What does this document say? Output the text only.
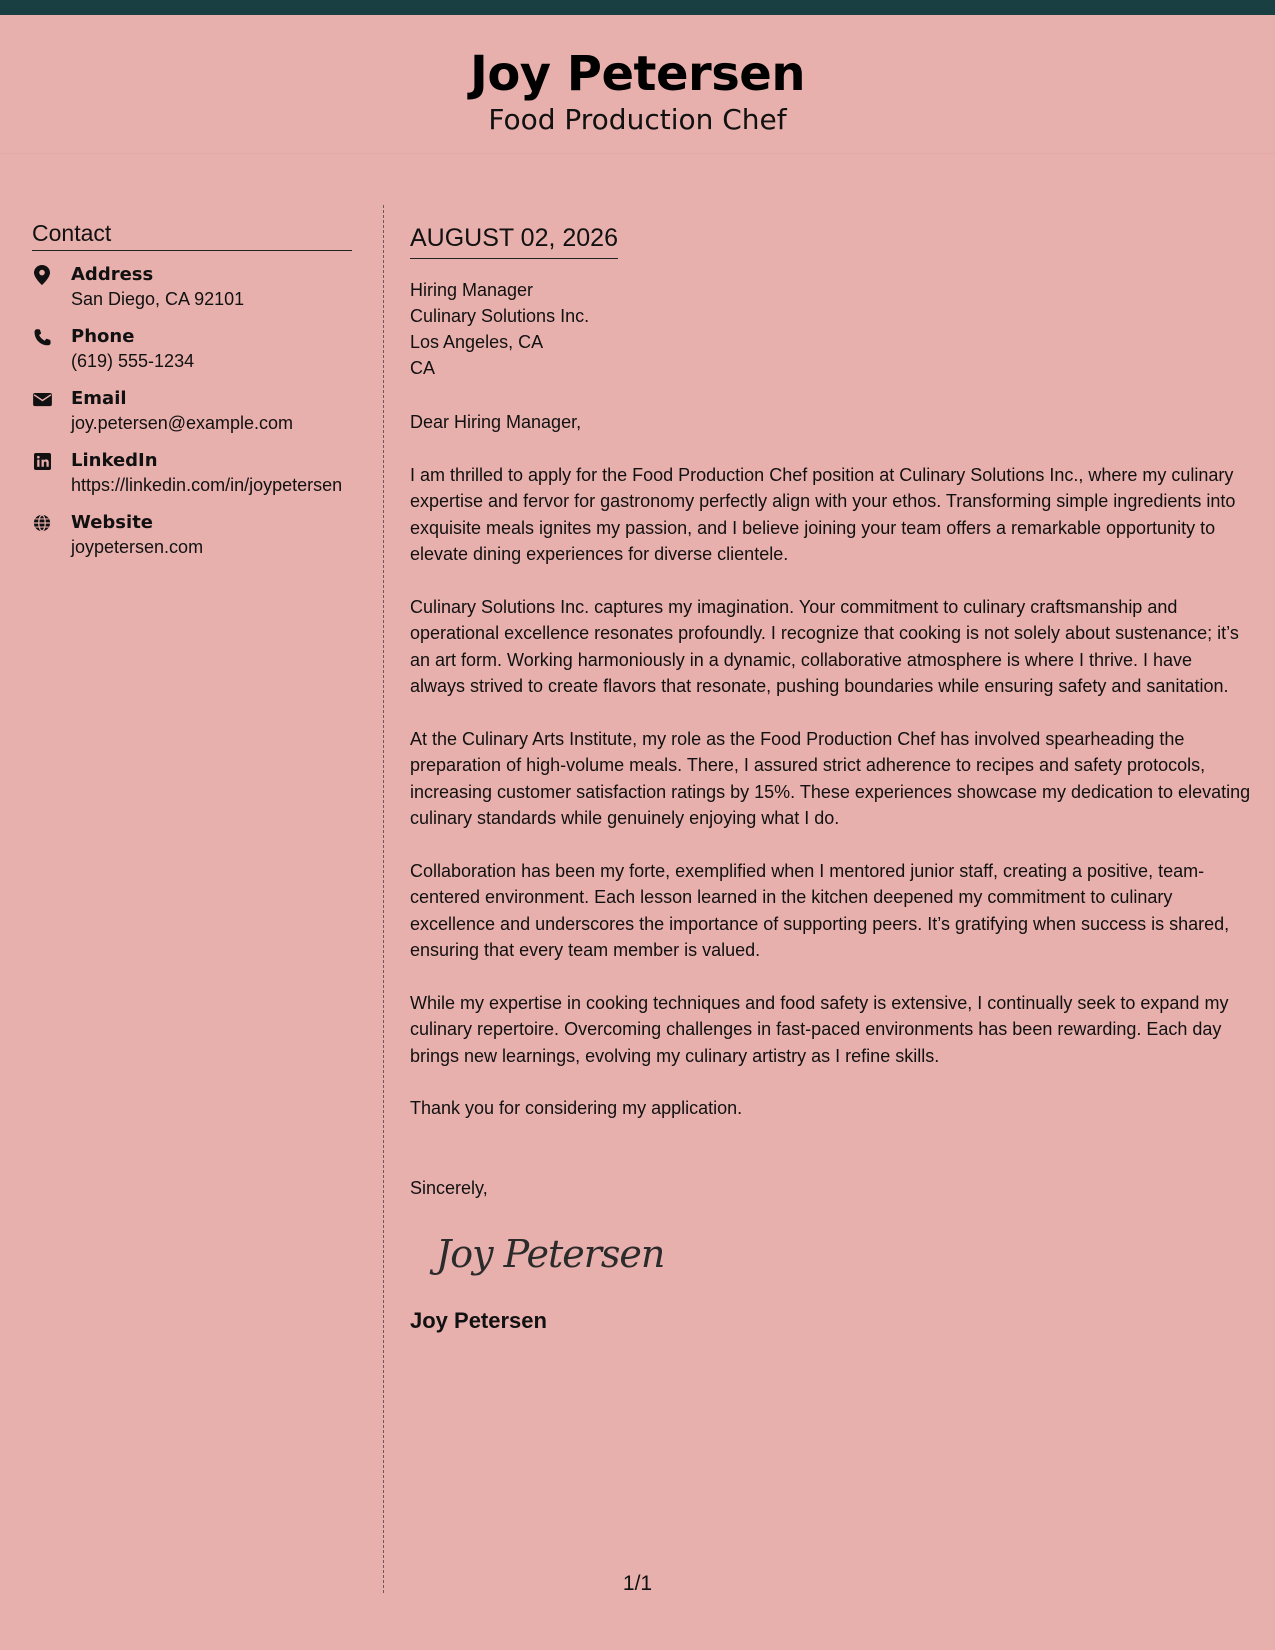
Joy Petersen
Food Production Chef
Contact
Address
San Diego, CA 92101
Phone
(619) 555-1234
Email
joy.petersen@example.com
LinkedIn
https://linkedin.com/in/joypetersen
Website
joypetersen.com
AUGUST 02, 2026
Hiring Manager
Culinary Solutions Inc.
Los Angeles, CA
CA
Dear Hiring Manager,
I am thrilled to apply for the Food Production Chef position at Culinary Solutions Inc., where my culinary expertise and fervor for gastronomy perfectly align with your ethos. Transforming simple ingredients into exquisite meals ignites my passion, and I believe joining your team offers a remarkable opportunity to elevate dining experiences for diverse clientele.
Culinary Solutions Inc. captures my imagination. Your commitment to culinary craftsmanship and operational excellence resonates profoundly. I recognize that cooking is not solely about sustenance; it’s an art form. Working harmoniously in a dynamic, collaborative atmosphere is where I thrive. I have always strived to create flavors that resonate, pushing boundaries while ensuring safety and sanitation.
At the Culinary Arts Institute, my role as the Food Production Chef has involved spearheading the preparation of high-volume meals. There, I assured strict adherence to recipes and safety protocols, increasing customer satisfaction ratings by 15%. These experiences showcase my dedication to elevating culinary standards while genuinely enjoying what I do.
Collaboration has been my forte, exemplified when I mentored junior staff, creating a positive, team-centered environment. Each lesson learned in the kitchen deepened my commitment to culinary excellence and underscores the importance of supporting peers. It’s gratifying when success is shared, ensuring that every team member is valued.
While my expertise in cooking techniques and food safety is extensive, I continually seek to expand my culinary repertoire. Overcoming challenges in fast-paced environments has been rewarding. Each day brings new learnings, evolving my culinary artistry as I refine skills.
Thank you for considering my application.
Sincerely,
Joy Petersen
Joy Petersen
1/1
